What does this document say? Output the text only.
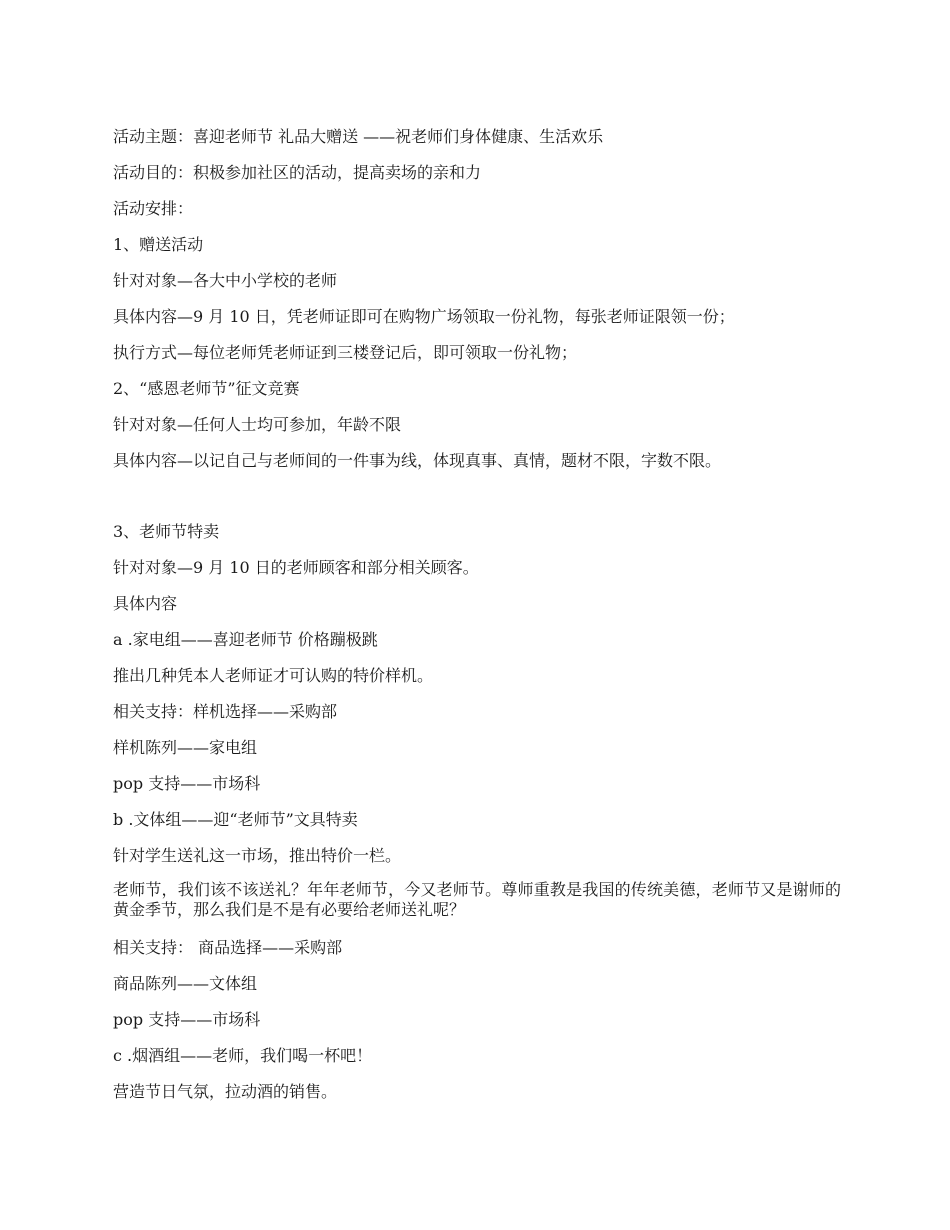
活动主题：喜迎老师节 礼品大赠送 ——祝老师们身体健康、生活欢乐
活动目的：积极参加社区的活动，提高卖场的亲和力
活动安排：
1、赠送活动
针对对象—各大中小学校的老师
具体内容—9 月 10 日，凭老师证即可在购物广场领取一份礼物，每张老师证限领一份；
执行方式—每位老师凭老师证到三楼登记后，即可领取一份礼物；
2、“感恩老师节”征文竞赛
针对对象—任何人士均可参加，年龄不限
具体内容—以记自己与老师间的一件事为线，体现真事、真情，题材不限，字数不限。
3、老师节特卖
针对对象—9 月 10 日的老师顾客和部分相关顾客。
具体内容
a .家电组——喜迎老师节 价格蹦极跳
推出几种凭本人老师证才可认购的特价样机。
相关支持：样机选择——采购部
样机陈列——家电组
pop 支持——市场科
b .文体组——迎“老师节”文具特卖
针对学生送礼这一市场，推出特价一栏。
老师节，我们该不该送礼？年年老师节，今又老师节。尊师重教是我国的传统美德，老师节又是谢师的黄金季节，那么我们是不是有必要给老师送礼呢？
相关支持： 商品选择——采购部
商品陈列——文体组
pop 支持——市场科
c .烟酒组——老师，我们喝一杯吧！
营造节日气氛，拉动酒的销售。
